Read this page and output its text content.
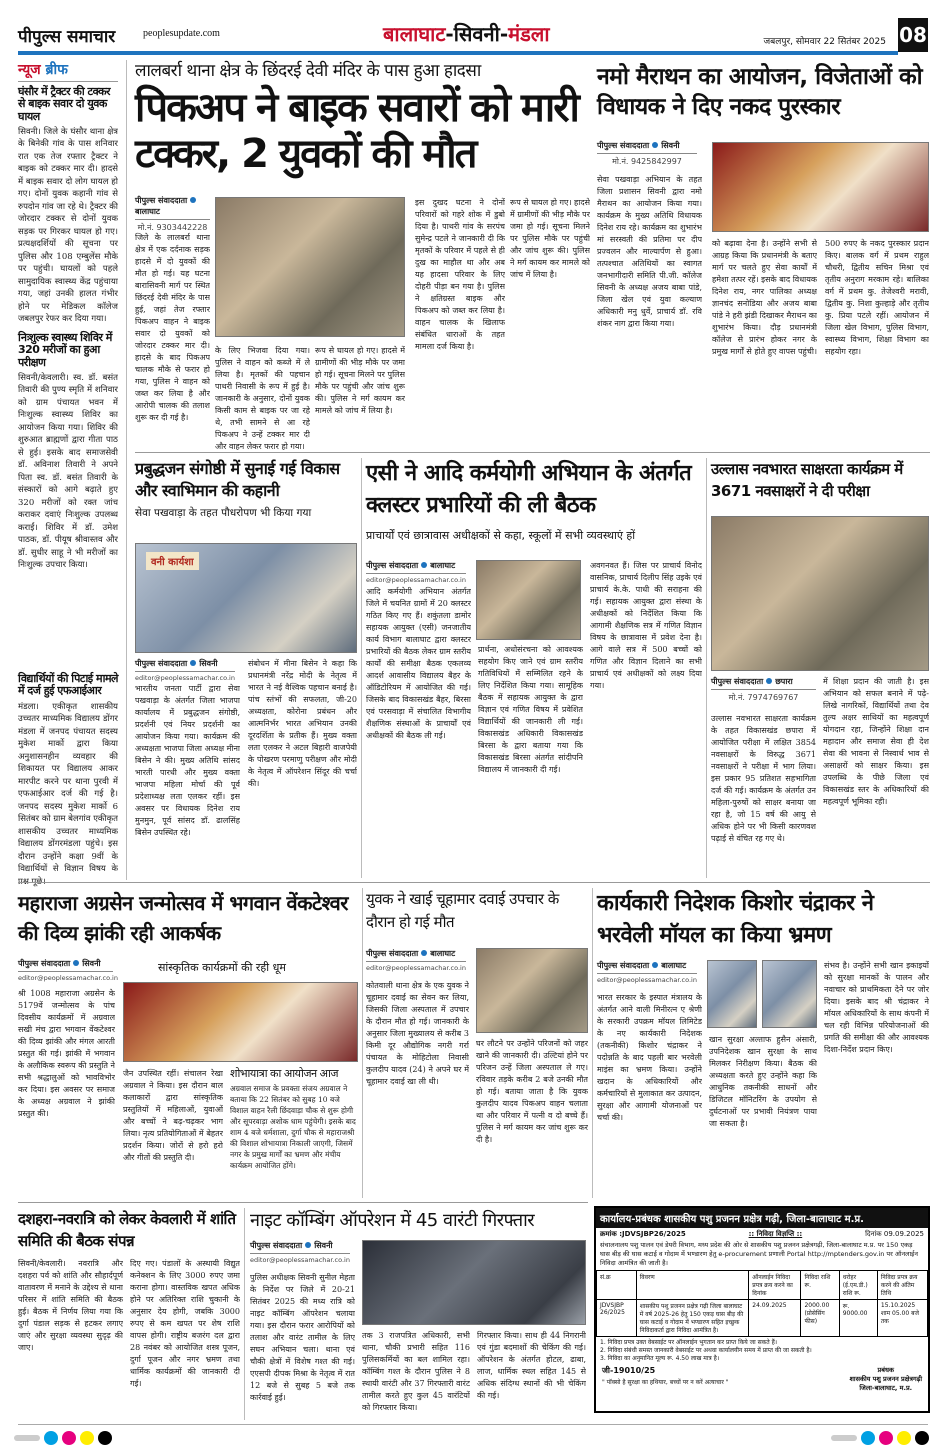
पीपुल्स समाचार	peoplesupdate.com	बालाघाट-सिवनी-मंडला	जबलपुर, सोमवार 22 सितंबर 2025 08
न्यूज ब्रीफ
घंसौर में ट्रैक्टर की टक्कर से बाइक सवार दो युवक घायल
सिवनी। जिले के घंसौर थाना क्षेत्र के बिनेकी गांव के पास शनिवार रात एक तेज रफ्तार ट्रैक्टर ने बाइक को टक्कर मार दी। हादसे में बाइक सवार दो लोग घायल हो गए। दोनों युवक कहानी गांव से रुपदोन गांव जा रहे थे। ट्रैक्टर की जोरदार टक्कर से दोनों युवक सड़क पर गिरकर घायल हो गए। प्रत्यक्षदर्शियों की सूचना पर पुलिस और 108 एम्बुलेंस मौके पर पहुंची। घायलों को पहले सामुदायिक स्वास्थ्य केंद्र पहुंचाया गया, जहां उनकी हालत गंभीर होने पर मेडिकल कॉलेज जबलपुर रेफर कर दिया गया।
निःशुल्क स्वास्थ्य शिविर में 320 मरीजों का हुआ परीक्षण
सिवनी/केवलारी। स्व. डॉ. बसंत तिवारी की पुण्य स्मृति में शनिवार को ग्राम पंचायत भवन में निःशुल्क स्वास्थ्य शिविर का आयोजन किया गया। शिविर की शुरुआत ब्राह्मणों द्वारा गीता पाठ से हुई। इसके बाद समाजसेवी डॉ. अविनाश तिवारी ने अपने पिता स्व. डॉ. बसंत तिवारी के संस्कारों को आगे बढ़ाते हुए 320 मरीजों को रक्त जांच कराकर दवाएं निःशुल्क उपलब्ध कराईं। शिविर में डॉ. उमेश पाठक, डॉ. पीयूष श्रीवास्तव और डॉ. सुधीर साहू ने भी मरीजों का निःशुल्क उपचार किया।
विद्यार्थियों की पिटाई मामले में दर्ज हुई एफआईआर
मंडला। एकीकृत शासकीय उच्चतर माध्यमिक विद्यालय डोंगर मंडला में जनपद पंचायत सदस्य मुकेश मार्को द्वारा किया अनुशासनहीन व्यवहार की शिकायत पर विद्यालय आकर मारपीट करने पर थाना पुरवी में एफआईआर दर्ज की गई है। जनपद सदस्य मुकेश मार्को 6 सितंबर को ग्राम बेलगांव एकीकृत शासकीय उच्चतर माध्यमिक विद्यालय डोंगरमंडला पहुंचे। इस दौरान उन्होंने कक्षा 9वीं के विद्यार्थियों से विज्ञान विषय के
लालबर्रा थाना क्षेत्र के छिंदरई देवी मंदिर के पास हुआ हादसा
पिकअप ने बाइक सवारों को मारी टक्कर, 2 युवकों की मौत
पीपुल्स संवाददाताबालाघाट
मो.नं. 9303442228
जिले के लालबर्रा थाना क्षेत्र में एक दर्दनाक सड़क हादसे में दो युवकों की मौत हो गई। यह घटना बारासिवनी मार्ग पर स्थित छिंदरई देवी मंदिर के पास हुई, जहां तेज रफ्तार पिकअप वाहन ने बाइक सवार दो युवकों को जोरदार टक्कर मार दी। हादसे के बाद पिकअप चालक मौके से फरार हो गया, पुलिस ने वाहन को जब्त कर लिया है और आरोपी चालक की तलाश शुरू कर दी गई है।
के लिए भिजवा दिया गया। पुलिस ने वाहन को कब्जे में ले लिया है। मृतकों की पहचान पाथरी निवासी के रूप में हुई है। जानकारी के अनुसार, दोनों युवक किसी काम से बाइक पर जा रहे थे, तभी सामने से आ रहे पिकअप ने उन्हें टक्कर मार दी और वाहन लेकर फरार हो गया।
रूप से घायल हो गए। हादसे में ग्रामीणों की भीड़ मौके पर जमा हो गई। सूचना मिलने पर पुलिस मौके पर पहुंची और जांच शुरू की। पुलिस ने मर्ग कायम कर मामले को जांच में लिया है।
इस दुखद घटना ने दोनों परिवारों को गहरे शोक में डुबो दिया है। पाथरी गांव के सरपंच सुमेन्द्र पटले ने जानकारी दी कि मृतकों के परिवार में पहले से ही दुख का माहौल था और अब यह हादसा परिवार के लिए दोहरी पीड़ा बन गया है। पुलिस ने क्षतिग्रस्त बाइक और पिकअप को जब्त कर लिया है। वाहन चालक के खिलाफ संबंधित धाराओं के तहत मामला दर्ज किया है।
रूप से घायल हो गए। हादसे में ग्रामीणों की भीड़ मौके पर जमा हो गई। सूचना मिलने पर पुलिस मौके पर पहुंची और जांच शुरू की। पुलिस ने मर्ग कायम कर मामले को जांच में लिया है।
नमो मैराथन का आयोजन, विजेताओं को विधायक ने दिए नकद पुरस्कार
पीपुल्स संवाददाता सिवनी
मो.नं. 9425842997
सेवा पखवाड़ा अभियान के तहत जिला प्रशासन सिवनी द्वारा नमो मैराथन का आयोजन किया गया। कार्यक्रम के मुख्य अतिथि विधायक दिनेश राय रहे। कार्यक्रम का शुभारंभ मां सरस्वती की प्रतिमा पर दीप प्रज्वलन और माल्यार्पण से हुआ। तत्पश्चात अतिथियों का स्वागत जनभागीदारी समिति पी.जी. कॉलेज सिवनी के अध्यक्ष अजय बाबा पांडे, जिला खेल एवं युवा कल्याण अधिकारी मनु धुर्वे, प्राचार्य डॉ. रवि शंकर नाग द्वारा किया गया।
को बढ़ावा देना है। उन्होंने सभी से आग्रह किया कि प्रधानमंत्री के बताए मार्ग पर चलते हुए सेवा कार्यों में हमेशा तत्पर रहें। इसके बाद विधायक दिनेश राय, नगर पालिका अध्यक्ष ज्ञानचंद सनोडिया और अजय बाबा पांडे ने हरी झंडी दिखाकर मैराथन का शुभारंभ किया। दौड़ प्रधानमंत्री कॉलेज से प्रारंभ होकर नगर के प्रमुख मार्गों से होते हुए वापस पहुंची।
500 रुपए के नकद पुरस्कार प्रदान किए। बालक वर्ग में प्रथम राहुल चौधरी, द्वितीय सचिन मिश्रा एवं तृतीय अनुराग मरकाम रहे। बालिका वर्ग में प्रथम कु. तेजेश्वरी मरावी, द्वितीय कु. निशा कुल्हाड़े और तृतीय कु. प्रिया पटले रहीं। आयोजन में जिला खेल विभाग, पुलिस विभाग, स्वास्थ्य विभाग, शिक्षा विभाग का सहयोग रहा।
प्रबुद्धजन संगोष्ठी में सुनाई गई विकास और स्वाभिमान की कहानी
सेवा पखवाड़ा के तहत पौधरोपण भी किया गया
वनी कार्यशा
पीपुल्स संवाददाता सिवनी
editor@peoplessamachar.co.in
भारतीय जनता पार्टी द्वारा सेवा पखवाड़ा के अंतर्गत जिला भाजपा कार्यालय में प्रबुद्धजन संगोष्ठी, प्रदर्शनी एवं नियर प्रदर्शनी का आयोजन किया गया। कार्यक्रम की अध्यक्षता भाजपा जिला अध्यक्ष मीना बिसेन ने की। मुख्य अतिथि सांसद भारती पारधी और मुख्य वक्ता भाजपा महिला मोर्चा की पूर्व प्रदेशाध्यक्ष लता एलकर रहीं। इस अवसर पर विधायक दिनेश राय मुनमुन, पूर्व सांसद डॉ. ढालसिंह बिसेन उपस्थित रहे।
संबोधन में मीना बिसेन ने कहा कि प्रधानमंत्री नरेंद्र मोदी के नेतृत्व में भारत ने नई वैश्विक पहचान बनाई है। पांच स्तंभों की सफलता, जी-20 अध्यक्षता, कोरोना प्रबंधन और आत्मनिर्भर भारत अभियान उनकी दूरदर्शिता के प्रतीक हैं। मुख्य वक्ता लता एलकर ने अटल बिहारी वाजपेयी के पोखरण परमाणु परीक्षण और मोदी के नेतृत्व में ऑपरेशन सिंदूर की चर्चा की।
एसी ने आदि कर्मयोगी अभियान के अंतर्गत क्लस्टर प्रभारियों की ली बैठक
प्राचार्यों एवं छात्रावास अधीक्षकों से कहा, स्कूलों में सभी व्यवस्थाएं हों
पीपुल्स संवाददाता बालाघाट
editor@peoplessamachar.co.in
आदि कर्मयोगी अभियान अंतर्गत जिले में चयनित ग्रामों में 20 क्लस्टर गठित किए गए हैं। शकुंतला डामोर सहायक आयुक्त (एसी) जनजातीय कार्य विभाग बालाघाट द्वारा क्लस्टर प्रभारियों की बैठक लेकर ग्राम स्तरीय कार्यों की समीक्षा बैठक एकलव्य आदर्श आवासीय विद्यालय बैहर के ऑडिटोरियम में आयोजित की गई। जिसके बाद विकासखंड बैहर, बिरसा एवं परसवाड़ा में संचालित विभागीय शैक्षणिक संस्थाओं के प्राचार्यों एवं अधीक्षकों की बैठक ली गई।
प्रार्थना, अधोसंरचना को आवश्यक सहयोग किए जाने एवं ग्राम स्तरीय गतिविधियों में सम्मिलित रहने के लिए निर्देशित किया गया। सामूहिक बैठक में सहायक आयुक्त के द्वारा विज्ञान एवं गणित विषय में प्रवेशित विद्यार्थियों की जानकारी ली गई। विकासखंड अधिकारी विकासखंड बिरसा के द्वारा बताया गया कि विकासखंड बिरसा अंतर्गत सांदीपनि विद्यालय में जानकारी दी गई।
अवगनवत हैं। जिस पर प्राचार्य विनोद वासनिक, प्राचार्य दिलीप सिंह उइके एवं प्राचार्य के.के. पाधी की सराहना की गई। सहायक आयुक्त द्वारा संस्था के अधीक्षकों को निर्देशित किया कि आगामी शैक्षणिक सत्र में गणित विज्ञान विषय के छात्रावास में प्रवेश देना है। आगे वाले सत्र में 500 बच्चों को गणित और विज्ञान दिलाने का सभी प्राचार्य एवं अधीक्षकों को लक्ष्य दिया गया।
उल्लास नवभारत साक्षरता कार्यक्रम में 3671 नवसाक्षरों ने दी परीक्षा
पीपुल्स संवाददाता छपारा
मो.नं. 7974769767
उल्लास नवभारत साक्षरता कार्यक्रम के तहत विकासखंड छपारा में आयोजित परीक्षा में लक्षित 3854 नवसाक्षरों के विरुद्ध 3671 नवसाक्षरों ने परीक्षा में भाग लिया। इस प्रकार 95 प्रतिशत सहभागिता दर्ज की गई। कार्यक्रम के अंतर्गत उन महिला-पुरुषों को साक्षर बनाया जा रहा है, जो 15 वर्ष की आयु से अधिक होने पर भी किसी कारणवश पढ़ाई से वंचित रह गए थे।
में शिक्षा प्रदान की जाती है। इस अभियान को सफल बनाने में पढ़े-लिखे नागरिकों, विद्यार्थियों तथा देव तुल्य अक्षर साथियों का महत्वपूर्ण योगदान रहा, जिन्होंने शिक्षा दान महादान और समाज सेवा ही देश सेवा की भावना से निस्वार्थ भाव से असाक्षरों को साक्षर किया। इस उपलब्धि के पीछे जिला एवं विकासखंड स्तर के अधिकारियों की महत्वपूर्ण भूमिका रही।
महाराजा अग्रसेन जन्मोत्सव में भगवान वेंकटेश्वर की दिव्य झांकी रही आकर्षक
पीपुल्स संवाददाता सिवनी
editor@peoplessamachar.co.in
सांस्कृतिक कार्यक्रमों की रही धूम
श्री 1008 महाराजा अग्रसेन के 5179वें जन्मोत्सव के पांच दिवसीय कार्यक्रमों में अग्रवाल सखी मंच द्वारा भगवान वेंकटेश्वर की दिव्य झांकी और मंगल आरती प्रस्तुत की गई। झांकी में भगवान के अलौकिक स्वरूप की प्रस्तुति ने सभी श्रद्धालुओं को भावविभोर कर दिया। इस अवसर पर समाज के अध्यक्ष अग्रवाल ने झांकी प्रस्तुत की।
जैन उपस्थित रहीं। संचालन रेखा अग्रवाल ने किया। इस दौरान बाल कलाकारों द्वारा सांस्कृतिक प्रस्तुतियों में महिलाओं, युवाओं और बच्चों ने बढ़-चढ़कर भाग लिया। नृत्य प्रतियोगिताओं में बेहतर प्रदर्शन किया। जोरों से हरो हरो और गीतों की प्रस्तुति दी।
शोभायात्रा का आयोजन आज
अग्रवाल समाज के प्रवक्ता संजय अग्रवाल ने बताया कि 22 सितंबर को सुबह 10 बजे विशाल वाहन रैली छिंदवाड़ा चौक से शुरू होगी और सूपरवाड़ा अशोक धाम पहुंचेगी। इसके बाद शाम 4 बजे धर्मशाला, दुर्गा चौक से महाराजश्री की विशाल शोभायात्रा निकाली जाएगी, जिसमें नगर के प्रमुख मार्गों का भ्रमण और मंचीय कार्यक्रम आयोजित होंगे।
युवक ने खाई चूहामार दवाई उपचार के दौरान हो गई मौत
पीपुल्स संवाददाता बालाघाट
editor@peoplessamachar.co.in
कोतवाली थाना क्षेत्र के एक युवक ने चूहामार दवाई का सेवन कर लिया, जिसकी जिला अस्पताल में उपचार के दौरान मौत हो गई। जानकारी के अनुसार जिला मुख्यालय से करीब 3 किमी दूर औद्योगिक नगरी गर्रा पंचायत के मोहिटोला निवासी कुलदीप यादव (24) ने अपने घर में चूहामार दवाई खा ली थी।
घर लौटने पर उन्होंने परिजनों को जहर खाने की जानकारी दी। उल्टियां होने पर परिजन उन्हें जिला अस्पताल ले गए। रविवार तड़के करीब 2 बजे उनकी मौत हो गई। बताया जाता है कि युवक कुलदीप यादव पिकअप वाहन चलाता था और परिवार में पत्नी व दो बच्चे हैं। पुलिस ने मर्ग कायम कर जांच शुरू कर दी है।
कार्यकारी निदेशक किशोर चंद्राकर ने भरवेली मॉयल का किया भ्रमण
पीपुल्स संवाददाता बालाघाट
editor@peoplessamachar.co.in
भारत सरकार के इस्पात मंत्रालय के अंतर्गत आने वाली मिनीरत्न ए श्रेणी के सरकारी उपक्रम मॉयल लिमिटेड के नए कार्यकारी निदेशक (तकनीकी) किशोर चंद्राकर ने पदोन्नति के बाद पहली बार भरवेली माइंस का भ्रमण किया। उन्होंने खदान के अधिकारियों और कर्मचारियों से मुलाकात कर उत्पादन, सुरक्षा और आगामी योजनाओं पर चर्चा की।
खान सुरक्षा अल्ताफ हुसैन अंसारी, उपनिदेशक खान सुरक्षा के साथ मिलकर निरीक्षण किया। बैठक की अध्यक्षता करते हुए उन्होंने कहा कि आधुनिक तकनीकी साधनों और डिजिटल मॉनिटरिंग के उपयोग से दुर्घटनाओं पर प्रभावी नियंत्रण पाया जा सकता है।
संभव है। उन्होंने सभी खान इकाइयों को सुरक्षा मानकों के पालन और नवाचार को प्राथमिकता देने पर जोर दिया। इसके बाद श्री चंद्राकर ने मॉयल अधिकारियों के साथ कंपनी में चल रही विभिन्न परियोजनाओं की प्रगति की समीक्षा की और आवश्यक दिशा-निर्देश प्रदान किए।
दशहरा-नवरात्रि को लेकर केवलारी में शांति समिति की बैठक संपन्न
सिवनी/केवलारी। नवरात्रि और दशहरा पर्व को शांति और सौहार्दपूर्ण वातावरण में मनाने के उद्देश्य से थाना परिसर में शांति समिति की बैठक हुई। बैठक में निर्णय लिया गया कि दुर्गा पंडाल सड़क से हटकर लगाए जाएं और सुरक्षा व्यवस्था सुदृढ़ की जाए।
दिए गए। पंडालों के अस्थायी विद्युत कनेक्शन के लिए 3000 रुपए जमा कराना होगा। वास्तविक खपत अधिक होने पर अतिरिक्त राशि चुकानी के अनुसार देय होगी, जबकि 3000 रुपए से कम खपत पर शेष राशि वापस होगी। राष्ट्रीय बजरंग दल द्वारा 28 नवंबर को आयोजित शस्त्र पूजन, दुर्गा पूजन और नगर भ्रमण तथा धार्मिक कार्यक्रमों की जानकारी दी गई।
नाइट कॉम्बिंग ऑपरेशन में 45 वारंटी गिरफ्तार
पीपुल्स संवाददाता सिवनी
editor@peoplessamachar.co.in
पुलिस अधीक्षक सिवनी सुनील मेहता के निर्देश पर जिले में 20-21 सितंबर 2025 की मध्य रात्रि को नाइट कॉम्बिंग ऑपरेशन चलाया गया। इस दौरान फरार आरोपियों को तलाश और वारंट तामील के लिए सघन अभियान चला। थाना एवं चौकी क्षेत्रों में विशेष गश्त की गई। एएसपी दीपक मिश्रा के नेतृत्व में रात 12 बजे से सुबह 5 बजे तक कार्रवाई हुई।
तक 3 राजपत्रित अधिकारी, सभी थाना, चौकी प्रभारी सहित 116 पुलिसकर्मियों का बल शामिल रहा। कॉम्बिंग गश्त के दौरान पुलिस ने 8 स्थायी वारंटी और 37 गिरफ्तारी वारंट तामील करते हुए कुल 45 वारंटियों को गिरफ्तार किया।
गिरफ्तार किया। साथ ही 44 निगरानी एवं गुंडा बदमाशों की चेकिंग की गई। ऑपरेशन के अंतर्गत होटल, ढाबा, लाज, धार्मिक स्थल सहित 145 से अधिक संदिग्ध स्थानों की भी चेकिंग की गई।
कार्यालय-प्रबंधक शासकीय पशु प्रजनन प्रक्षेत्र गढ़ी, जिला-बालाघाट म.प्र.
क्रमांक :JDVSJBP26/2025	:: निविदा विज्ञप्ति ::	दिनांक 09.09.2025
संचालनालय पशु पालन एवं डेयरी विभाग, मध्य प्रदेश की ओर से शासकीय पशु प्रजनन प्रक्षेत्रगढ़ी, जिला-बालाघाट म.प्र. पर 150 एकड़ घास बीड़ की घास कटाई व गोदाम में भण्डारण हेतु e-procurement प्रणाली Portal http://mptenders.gov.in पर ऑनलाईन निविदा आमंत्रित की जाती है।
सं.क्र	विवरण	ऑनलाईन निविदा प्रपत्र क्रय करने का दिनांक	निविदा राशि रू.	धरोहर (ई.एम.डी.) राशि रू.	निविदा प्रपत्र क्रय करने की अंतिम तिथि
JDVSJBP 26/2025	शासकीय पशु प्रजनन प्रक्षेत्र गढ़ी जिला बालाघाट में वर्ष 2025-26 हेतु 150 एकड़ घास बीड़ की घास कटाई व गोदाम में भण्डारण सहित इच्छुक निविदाकर्ता द्वारा निविदा आमंत्रित है।	24.09.2025	2000.00 (प्रोसेसिंग फीस)	रू. 9000.00	15.10.2025 शाम 05.00 बजे तक
1. निविदा प्रपत्र उक्त वेबसाईट पर ऑनलाईन भुगतान कर प्राप्त किये जा सकते हैं।
2. निविदा संबंधी समस्त जानकारी वेबसाईट पर अथवा कार्यालयीन समय में प्राप्त की जा सकती है।
3. निविदा का अनुमानित मूल्य रू. 4.50 लाख मात्र है।
जी-19010/25
" पॉक्सो है सुरक्षा का हथियार, बच्चों पर न करें अत्याचार "
प्रबंधक
शासकीय पशु प्रजनन प्रक्षेत्रगढ़ी
जिला-बालाघाट, म.प्र.
